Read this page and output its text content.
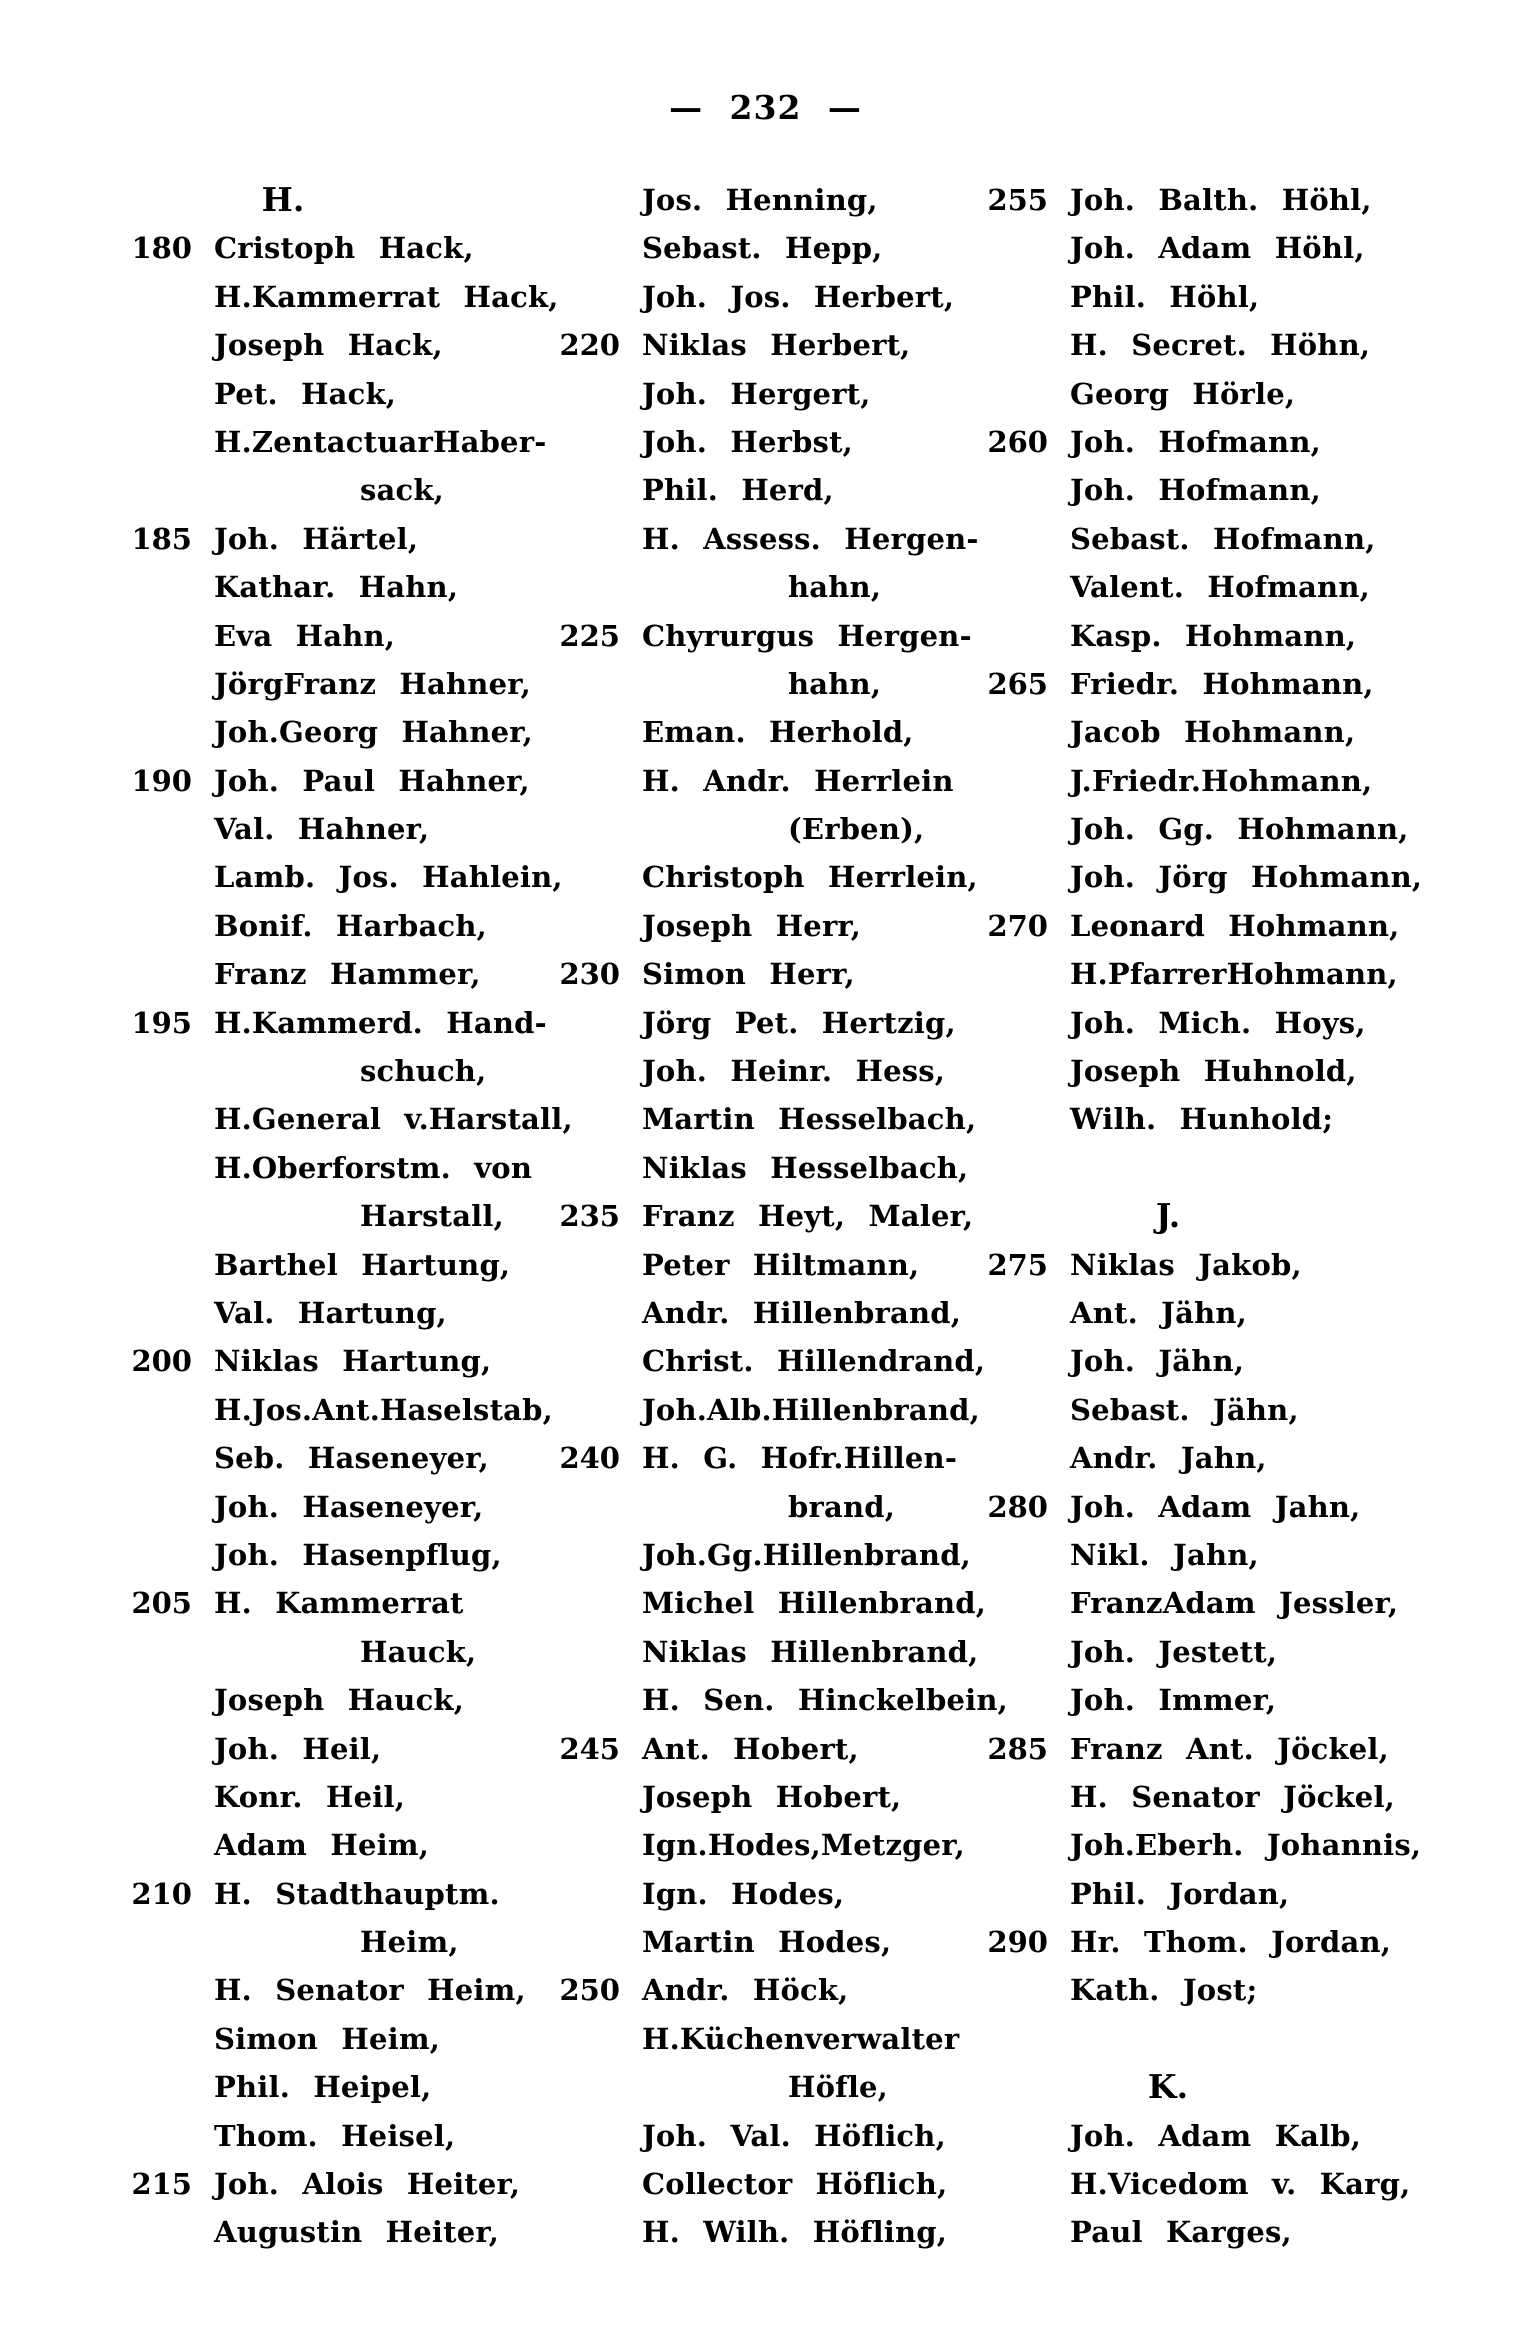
— 232 —
H.
180 Cristoph Hack,
H.Kammerrat Hack,
Joseph Hack,
Pet. Hack,
H.ZentactuarHaber-
sack,
185 Joh. Härtel,
Kathar. Hahn,
Eva Hahn,
JörgFranz Hahner,
Joh.Georg Hahner,
190 Joh. Paul Hahner,
Val. Hahner,
Lamb. Jos. Hahlein,
Bonif. Harbach,
Franz Hammer,
195 H.Kammerd. Hand-
schuch,
H.General v.Harstall,
H.Oberforstm. von
Harstall,
Barthel Hartung,
Val. Hartung,
200 Niklas Hartung,
H.Jos.Ant.Haselstab,
Seb. Haseneyer,
Joh. Haseneyer,
Joh. Hasenpflug,
205 H. Kammerrat
Hauck,
Joseph Hauck,
Joh. Heil,
Konr. Heil,
Adam Heim,
210 H. Stadthauptm.
Heim,
H. Senator Heim,
Simon Heim,
Phil. Heipel,
Thom. Heisel,
215 Joh. Alois Heiter,
Augustin Heiter,
Jos. Henning,
Sebast. Hepp,
Joh. Jos. Herbert,
220 Niklas Herbert,
Joh. Hergert,
Joh. Herbst,
Phil. Herd,
H. Assess. Hergen-
hahn,
225 Chyrurgus Hergen-
hahn,
Eman. Herhold,
H. Andr. Herrlein
(Erben),
Christoph Herrlein,
Joseph Herr,
230 Simon Herr,
Jörg Pet. Hertzig,
Joh. Heinr. Hess,
Martin Hesselbach,
Niklas Hesselbach,
235 Franz Heyt, Maler,
Peter Hiltmann,
Andr. Hillenbrand,
Christ. Hillendrand,
Joh.Alb.Hillenbrand,
240 H. G. Hofr.Hillen-
brand,
Joh.Gg.Hillenbrand,
Michel Hillenbrand,
Niklas Hillenbrand,
H. Sen. Hinckelbein,
245 Ant. Hobert,
Joseph Hobert,
Ign.Hodes,Metzger,
Ign. Hodes,
Martin Hodes,
250 Andr. Höck,
H.Küchenverwalter
Höfle,
Joh. Val. Höflich,
Collector Höflich,
H. Wilh. Höfling,
255 Joh. Balth. Höhl,
Joh. Adam Höhl,
Phil. Höhl,
H. Secret. Höhn,
Georg Hörle,
260 Joh. Hofmann,
Joh. Hofmann,
Sebast. Hofmann,
Valent. Hofmann,
Kasp. Hohmann,
265 Friedr. Hohmann,
Jacob Hohmann,
J.Friedr.Hohmann,
Joh. Gg. Hohmann,
Joh. Jörg Hohmann,
270 Leonard Hohmann,
H.PfarrerHohmann,
Joh. Mich. Hoys,
Joseph Huhnold,
Wilh. Hunhold;
J.
275 Niklas Jakob,
Ant. Jähn,
Joh. Jähn,
Sebast. Jähn,
Andr. Jahn,
280 Joh. Adam Jahn,
Nikl. Jahn,
FranzAdam Jessler,
Joh. Jestett,
Joh. Immer,
285 Franz Ant. Jöckel,
H. Senator Jöckel,
Joh.Eberh. Johannis,
Phil. Jordan,
290 Hr. Thom. Jordan,
Kath. Jost;
K.
Joh. Adam Kalb,
H.Vicedom v. Karg,
Paul Karges,
